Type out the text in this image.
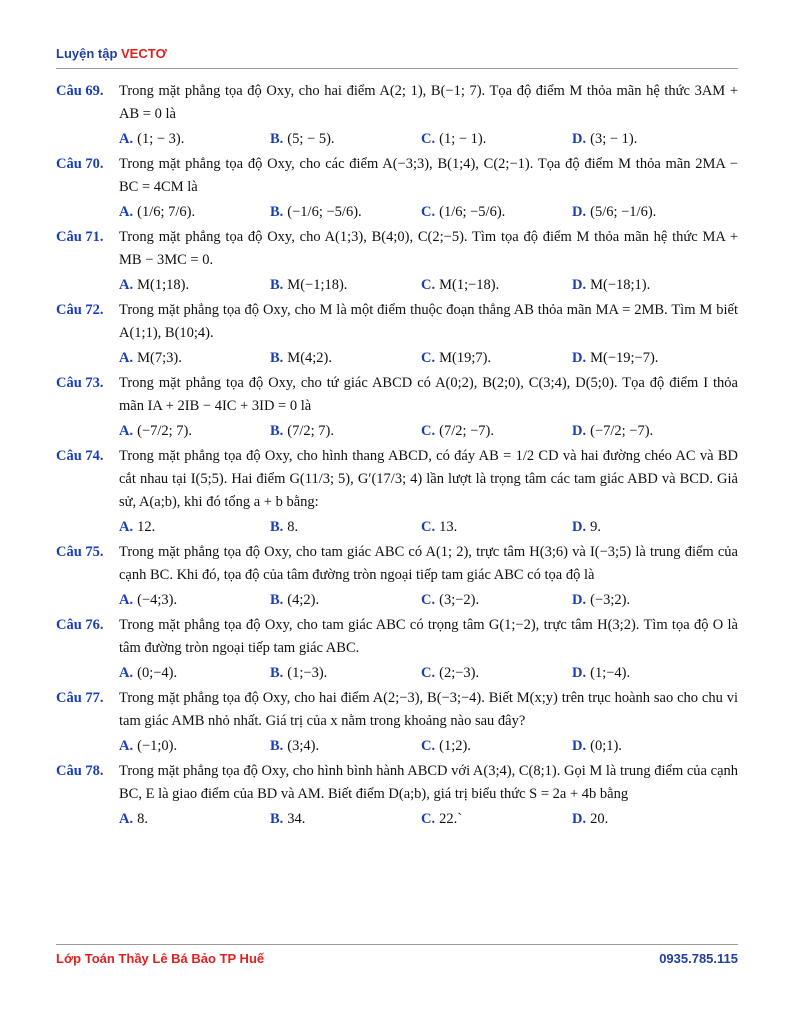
Luyện tập VECTƠ
Câu 69.	Trong mặt phẳng tọa độ Oxy, cho hai điểm A(2; 1), B(−1; 7). Tọa độ điểm M thỏa mãn hệ thức 3AM + AB = 0 là
A. (1; − 3).	B. (5; − 5).	C. (1; − 1).	D. (3; − 1).
Câu 70.	Trong mặt phẳng tọa độ Oxy, cho các điểm A(−3;3), B(1;4), C(2;−1). Tọa độ điểm M thỏa mãn 2MA − BC = 4CM là
A. (1/6; 7/6).	B. (−1/6; −5/6).	C. (1/6; −5/6).	D. (5/6; −1/6).
Câu 71.	Trong mặt phẳng tọa độ Oxy, cho A(1;3), B(4;0), C(2;−5). Tìm tọa độ điểm M thỏa mãn hệ thức MA + MB − 3MC = 0.
A. M(1;18).	B. M(−1;18).	C. M(1;−18).	D. M(−18;1).
Câu 72.	Trong mặt phẳng tọa độ Oxy, cho M là một điểm thuộc đoạn thẳng AB thỏa mãn MA = 2MB. Tìm M biết A(1;1), B(10;4).
A. M(7;3).	B. M(4;2).	C. M(19;7).	D. M(−19;−7).
Câu 73.	Trong mặt phẳng tọa độ Oxy, cho tứ giác ABCD có A(0;2), B(2;0), C(3;4), D(5;0). Tọa độ điểm I thỏa mãn IA + 2IB − 4IC + 3ID = 0 là
A. (−7/2; 7).	B. (7/2; 7).	C. (7/2; −7).	D. (−7/2; −7).
Câu 74.	Trong mặt phẳng tọa độ Oxy, cho hình thang ABCD, có đáy AB = 1/2 CD và hai đường chéo AC và BD cắt nhau tại I(5;5). Hai điểm G(11/3; 5), G′(17/3; 4) lần lượt là trọng tâm các tam giác ABD và BCD. Giả sử, A(a;b), khi đó tổng a + b bằng:
A. 12.	B. 8.	C. 13.	D. 9.
Câu 75.	Trong mặt phẳng tọa độ Oxy, cho tam giác ABC có A(1; 2), trực tâm H(3;6) và I(−3;5) là trung điểm của cạnh BC. Khi đó, tọa độ của tâm đường tròn ngoại tiếp tam giác ABC có tọa độ là
A. (−4;3).	B. (4;2).	C. (3;−2).	D. (−3;2).
Câu 76.	Trong mặt phẳng tọa độ Oxy, cho tam giác ABC có trọng tâm G(1;−2), trực tâm H(3;2). Tìm tọa độ O là tâm đường tròn ngoại tiếp tam giác ABC.
A. (0;−4).	B. (1;−3).	C. (2;−3).	D. (1;−4).
Câu 77.	Trong mặt phẳng tọa độ Oxy, cho hai điểm A(2;−3), B(−3;−4). Biết M(x;y) trên trục hoành sao cho chu vi tam giác AMB nhỏ nhất. Giá trị của x nằm trong khoảng nào sau đây?
A. (−1;0).	B. (3;4).	C. (1;2).	D. (0;1).
Câu 78.	Trong mặt phẳng tọa độ Oxy, cho hình bình hành ABCD với A(3;4), C(8;1). Gọi M là trung điểm của cạnh BC, E là giao điểm của BD và AM. Biết điểm D(a;b), giá trị biểu thức S = 2a + 4b bằng
A. 8.	B. 34.	C. 22.`	D. 20.
Lớp Toán Thầy Lê Bá Bảo TP Huế	0935.785.115
